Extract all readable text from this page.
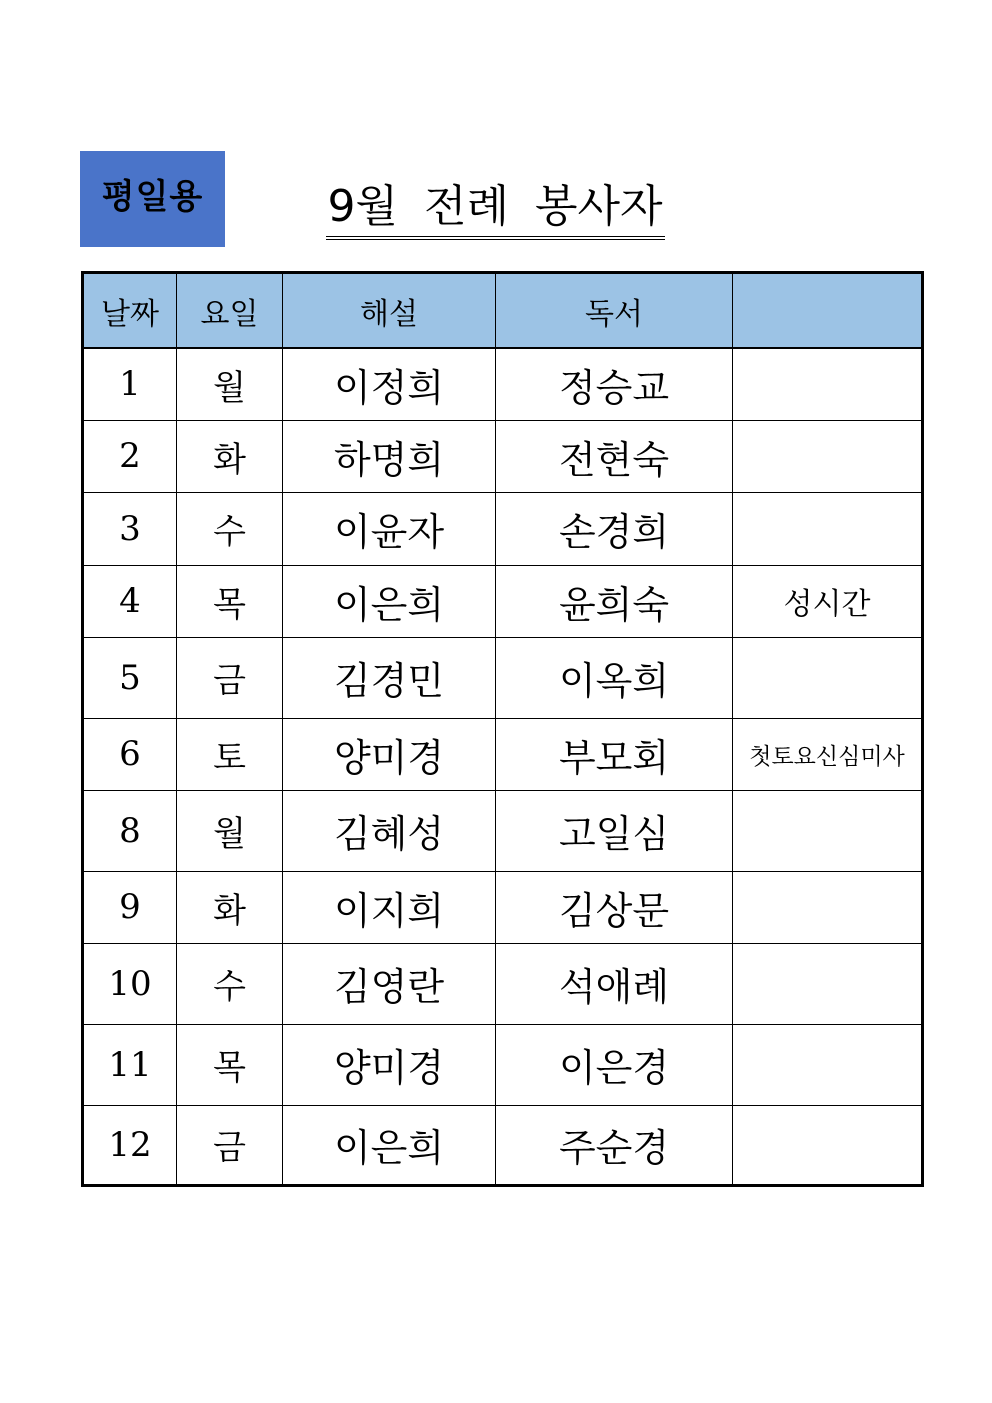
평일용	9월 전례 봉사자
날짜	요일	해설	독서	
1	월	이정희	정승교	
2	화	하명희	전현숙	
3	수	이윤자	손경희	
4	목	이은희	윤희숙	성시간
5	금	김경민	이옥희	
6	토	양미경	부모회	첫토요신심미사
8	월	김혜성	고일심	
9	화	이지희	김상문	
10	수	김영란	석애례	
11	목	양미경	이은경	
12	금	이은희	주순경	
